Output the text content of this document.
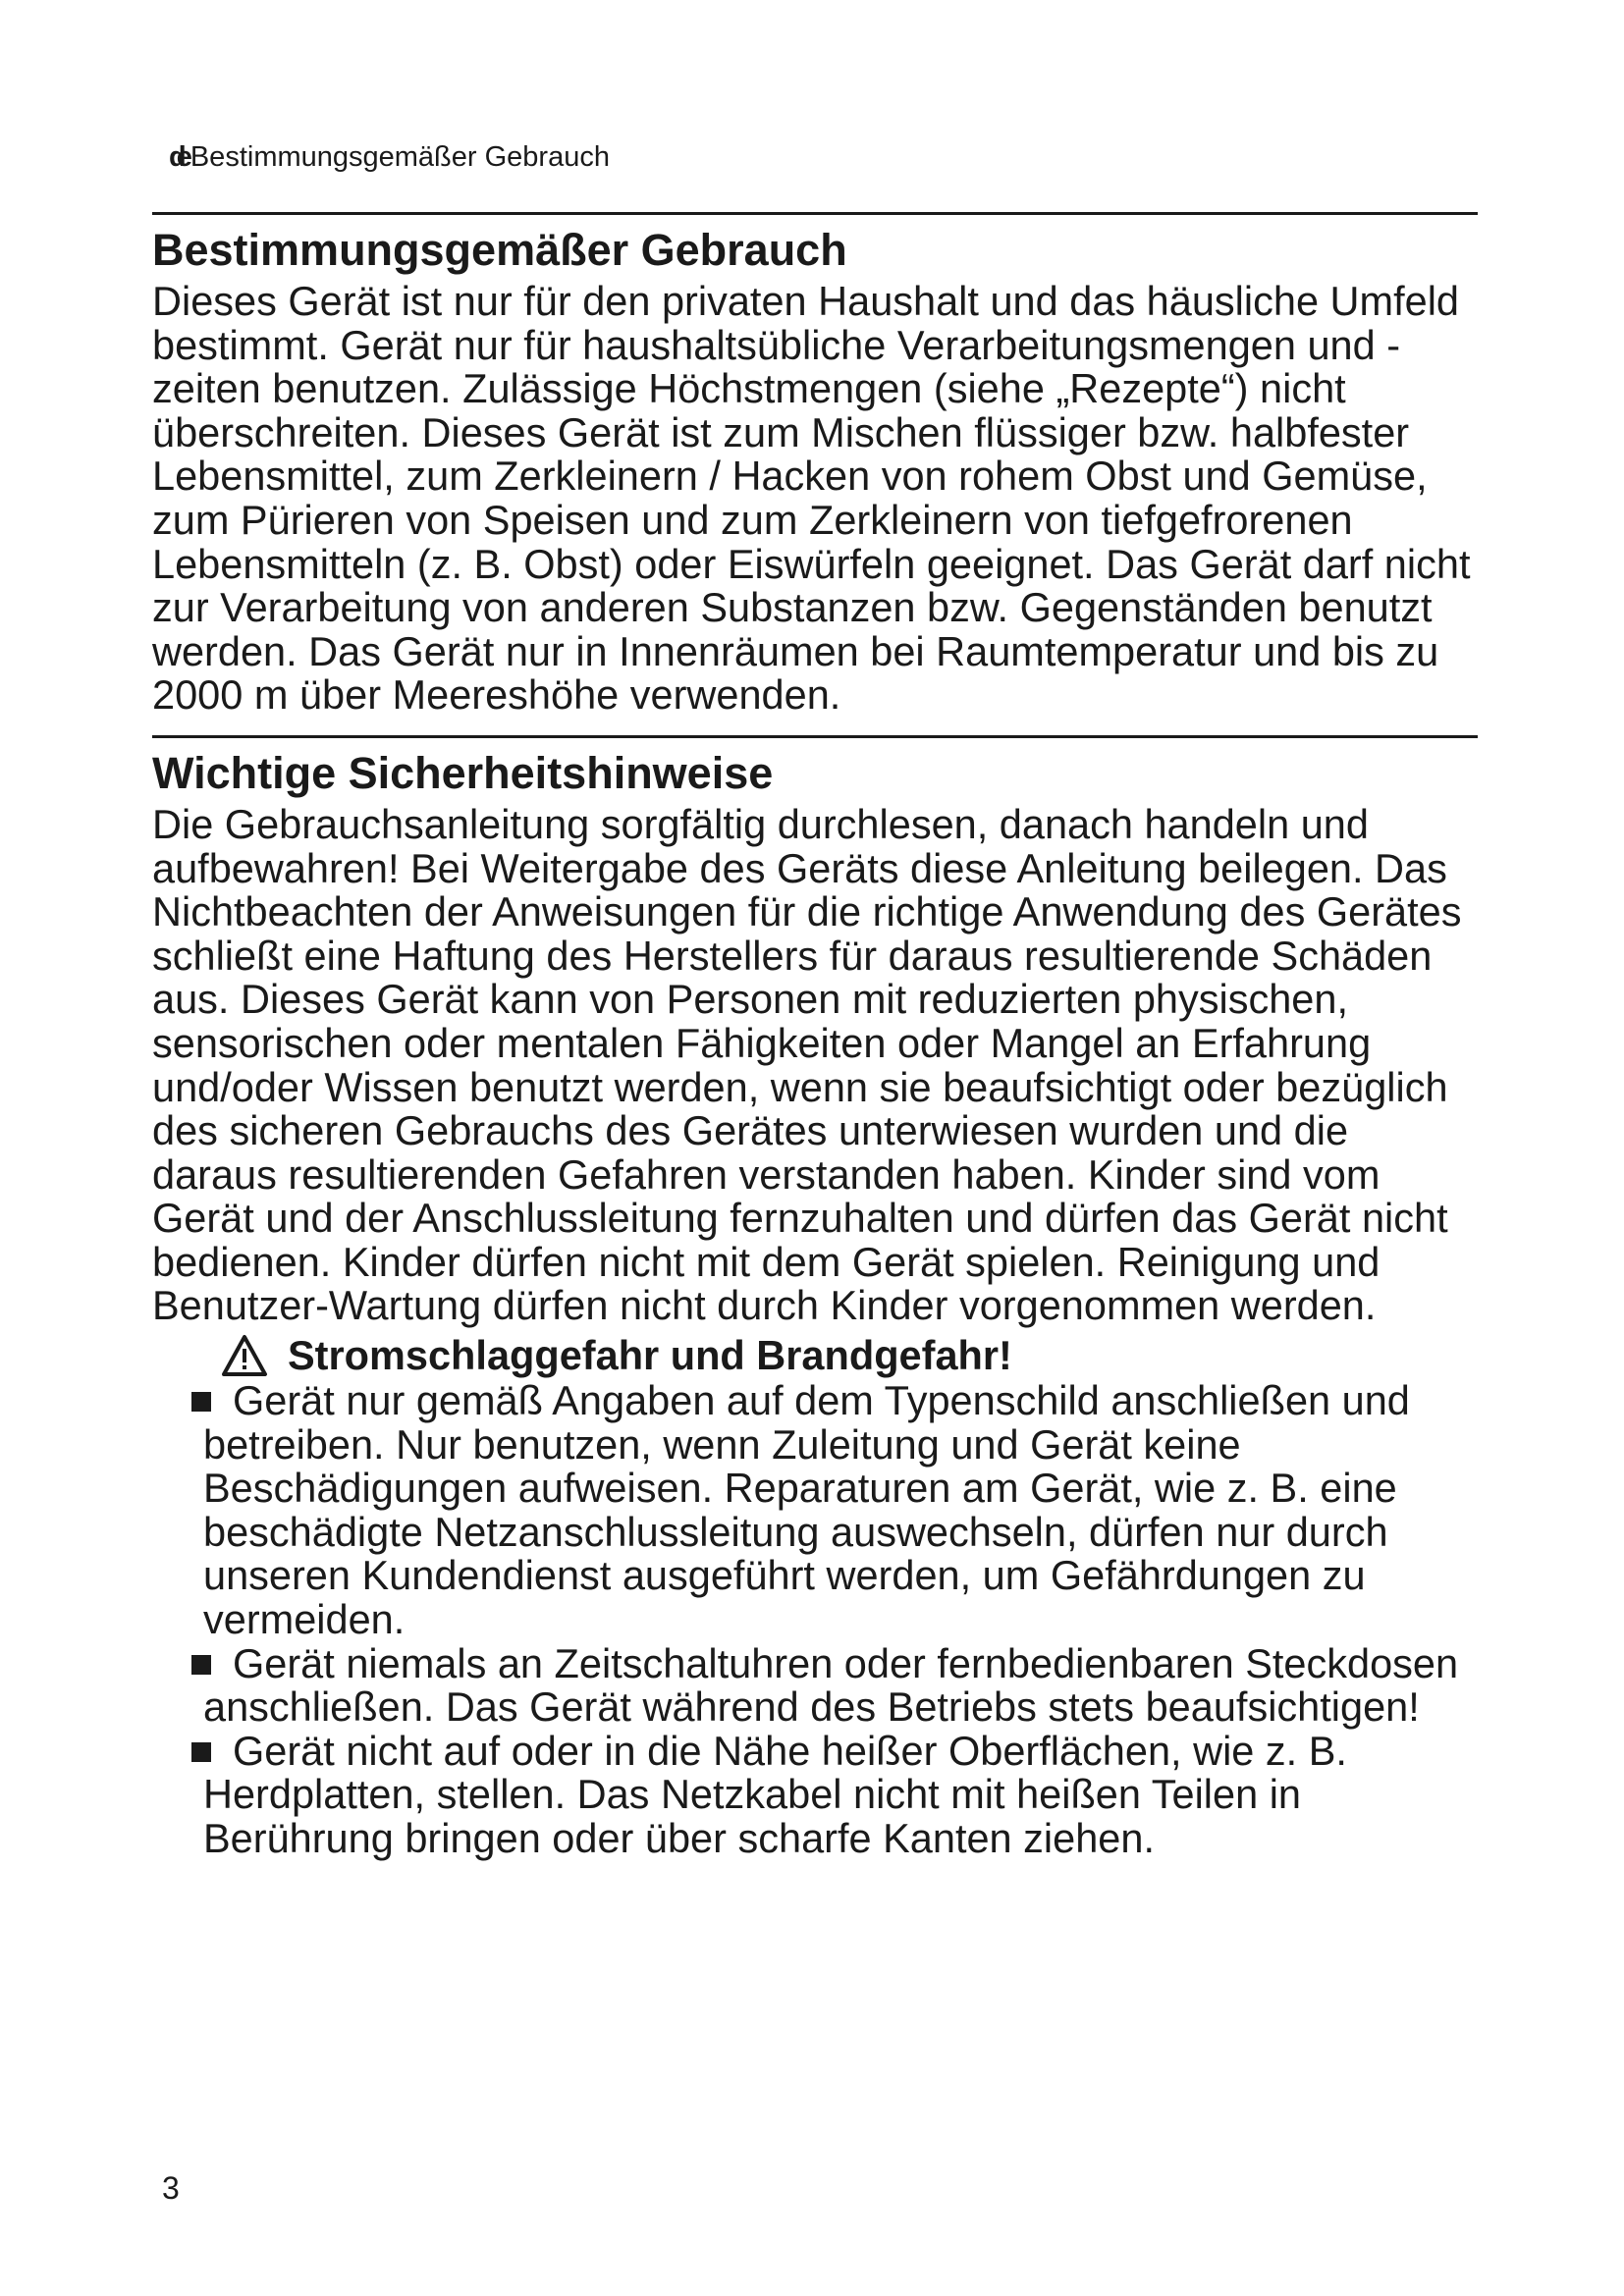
de Bestimmungsgemäßer Gebrauch
Bestimmungsgemäßer Gebrauch

Dieses Gerät ist nur für den privaten Haushalt und das häusliche Umfeld bestimmt. Gerät nur für haushaltsübliche Verarbeitungsmengen und -zeiten benutzen. Zulässige Höchstmengen (siehe „Rezepte“) nicht überschreiten. Dieses Gerät ist zum Mischen flüssiger bzw. halbfester Lebensmittel, zum Zerkleinern / Hacken von rohem Obst und Gemüse, zum Pürieren von Speisen und zum Zerkleinern von tiefgefrorenen Lebensmitteln (z. B. Obst) oder Eiswürfeln geeignet. Das Gerät darf nicht zur Verarbeitung von anderen Substanzen bzw. Gegenständen benutzt werden. Das Gerät nur in Innenräumen bei Raumtemperatur und bis zu 2000 m über Meereshöhe verwenden.

Wichtige Sicherheitshinweise

Die Gebrauchsanleitung sorgfältig durchlesen, danach handeln und aufbewahren! Bei Weitergabe des Geräts diese Anleitung beilegen. Das Nichtbeachten der Anweisungen für die richtige Anwendung des Gerätes schließt eine Haftung des Herstellers für daraus resultierende Schäden aus. Dieses Gerät kann von Personen mit reduzierten physischen, sensorischen oder mentalen Fähigkeiten oder Mangel an Erfahrung und/oder Wissen benutzt werden, wenn sie beaufsichtigt oder bezüglich des sicheren Gebrauchs des Gerätes unterwiesen wurden und die daraus resultierenden Gefahren verstanden haben. Kinder sind vom Gerät und der Anschlussleitung fernzuhalten und dürfen das Gerät nicht bedienen. Kinder dürfen nicht mit dem Gerät spielen. Reinigung und Benutzer-Wartung dürfen nicht durch Kinder vorgenommen werden.

Stromschlaggefahr und Brandgefahr!
Gerät nur gemäß Angaben auf dem Typenschild anschließen und betreiben. Nur benutzen, wenn Zuleitung und Gerät keine Beschädigungen aufweisen. Reparaturen am Gerät, wie z. B. eine beschädigte Netzanschlussleitung auswechseln, dürfen nur durch unseren Kundendienst ausgeführt werden, um Gefährdungen zu vermeiden.
Gerät niemals an Zeitschaltuhren oder fernbedienbaren Steckdosen anschließen. Das Gerät während des Betriebs stets beaufsichtigen!
Gerät nicht auf oder in die Nähe heißer Oberflächen, wie z. B. Herdplatten, stellen. Das Netzkabel nicht mit heißen Teilen in Berührung bringen oder über scharfe Kanten ziehen.
3
